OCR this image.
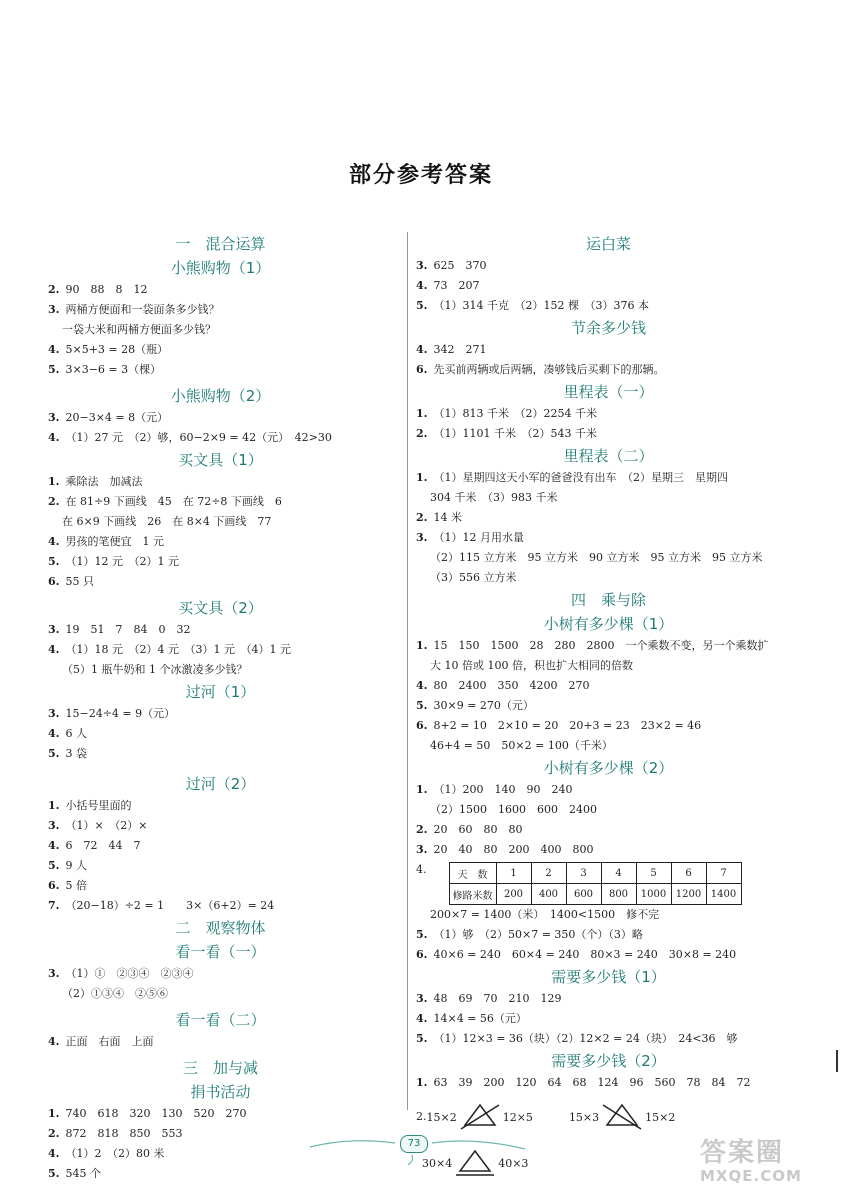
部分参考答案
一　混合运算
小熊购物（1）
2. 90　88　8　12
3. 两桶方便面和一袋面条多少钱？
一袋大米和两桶方便面多少钱？
4. 5×5+3 = 28（瓶）
5. 3×3−6 = 3（棵）
小熊购物（2）
3. 20−3×4 = 8（元）
4. （1）27 元　（2）够，60−2×9 = 42（元）　42>30
买文具（1）
1. 乘除法　加减法
2. 在 81÷9 下画线　45　在 72÷8 下画线　6
在 6×9 下画线　26　在 8×4 下画线　77
4. 男孩的笔便宜　1 元
5. （1）12 元　（2）1 元
6. 55 只
买文具（2）
3. 19　51　7　84　0　32
4. （1）18 元　（2）4 元　（3）1 元　（4）1 元
（5）1 瓶牛奶和 1 个冰激凌多少钱？
过河（1）
3. 15−24÷4 = 9（元）
4. 6 人
5. 3 袋
过河（2）
1. 小括号里面的
3. （1）×　（2）×
4. 6　72　44　7
5. 9 人
6. 5 倍
7. （20−18）÷2 = 1　　3×（6+2）= 24
二　观察物体
看一看（一）
3. （1）①　②③④　②③④
（2）①③④　②⑤⑥
看一看（二）
4. 正面　右面　上面
三　加与减
捐书活动
1. 740　618　320　130　520　270
2. 872　818　850　553
4. （1）2　（2）80 米
5. 545 个
运白菜
3. 625　370
4. 73　207
5. （1）314 千克　（2）152 棵　（3）376 本
节余多少钱
4. 342　271
6. 先买前两辆或后两辆，凑够钱后买剩下的那辆。
里程表（一）
1. （1）813 千米　（2）2254 千米
2. （1）1101 千米　（2）543 千米
里程表（二）
1. （1）星期四这天小军的爸爸没有出车　（2）星期三　星期四
304 千米　（3）983 千米
2. 14 米
3. （1）12 月用水量
（2）115 立方米　95 立方米　90 立方米　95 立方米　95 立方米
（3）556 立方米
四　乘与除
小树有多少棵（1）
1. 15　150　1500　28　280　2800　一个乘数不变，另一个乘数扩
大 10 倍或 100 倍，积也扩大相同的倍数
4. 80　2400　350　4200　270
5. 30×9 = 270（元）
6. 8+2 = 10　2×10 = 20　20+3 = 23　23×2 = 46
46+4 = 50　50×2 = 100（千米）
小树有多少棵（2）
1. （1）200　140　90　240
（2）1500　1600　600　2400
2. 20　60　80　80
3. 20　40　80　200　400　800
4.	天　数	1	2	3	4	5	6	7
修路米数	200	400	600	800	1000	1200	1400
200×7 = 1400（米）　1400<1500　修不完
5. （1）够　（2）50×7 = 350（个）（3）略
6. 40×6 = 240　60×4 = 240　80×3 = 240　30×8 = 240
需要多少钱（1）
3. 48　69　70　210　129
4. 14×4 = 56（元）
5. （1）12×3 = 36（块）（2）12×2 = 24（块）　24<36　够
需要多少钱（2）
1. 63　39　200　120　64　68　124　96　560　78　84　72
2. 15×2	12×5	15×3	15×2
30×4	40×3
73	答案圈
MXQE.COM
